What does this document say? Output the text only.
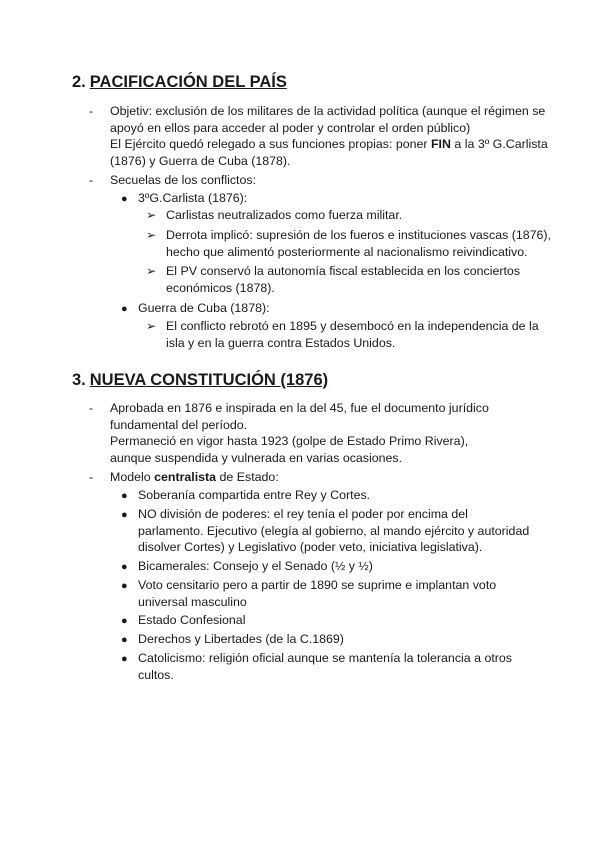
2. PACIFICACIÓN DEL PAÍS
- Objetiv: exclusión de los militares de la actividad política (aunque el régimen se apoyó en ellos para acceder al poder y controlar el orden público)
El Ejército quedó relegado a sus funciones propias: poner FIN a la 3º G.Carlista (1876) y Guerra de Cuba (1878).
- Secuelas de los conflictos:
● 3ºG.Carlista (1876):
➢ Carlistas neutralizados como fuerza militar.
➢ Derrota implicó: supresión de los fueros e instituciones vascas (1876), hecho que alimentó posteriormente al nacionalismo reivindicativo.
➢ El PV conservó la autonomía fiscal establecida en los conciertos económicos (1878).
● Guerra de Cuba (1878):
➢ El conflicto rebrotó en 1895 y desembocó en la independencia de la isla y en la guerra contra Estados Unidos.
3. NUEVA CONSTITUCIÓN (1876)
- Aprobada en 1876 e inspirada en la del 45, fue el documento jurídico fundamental del período.
Permaneció en vigor hasta 1923 (golpe de Estado Primo Rivera), aunque suspendida y vulnerada en varias ocasiones.
- Modelo centralista de Estado:
● Soberanía compartida entre Rey y Cortes.
● NO división de poderes: el rey tenía el poder por encima del parlamento. Ejecutivo (elegía al gobierno, al mando ejército y autoridad disolver Cortes) y Legislativo (poder veto, iniciativa legislativa).
● Bicamerales: Consejo y el Senado (½ y ½)
● Voto censitario pero a partir de 1890 se suprime e implantan voto universal masculino
● Estado Confesional
● Derechos y Libertades (de la C.1869)
● Catolicismo: religión oficial aunque se mantenía la tolerancia a otros cultos.
